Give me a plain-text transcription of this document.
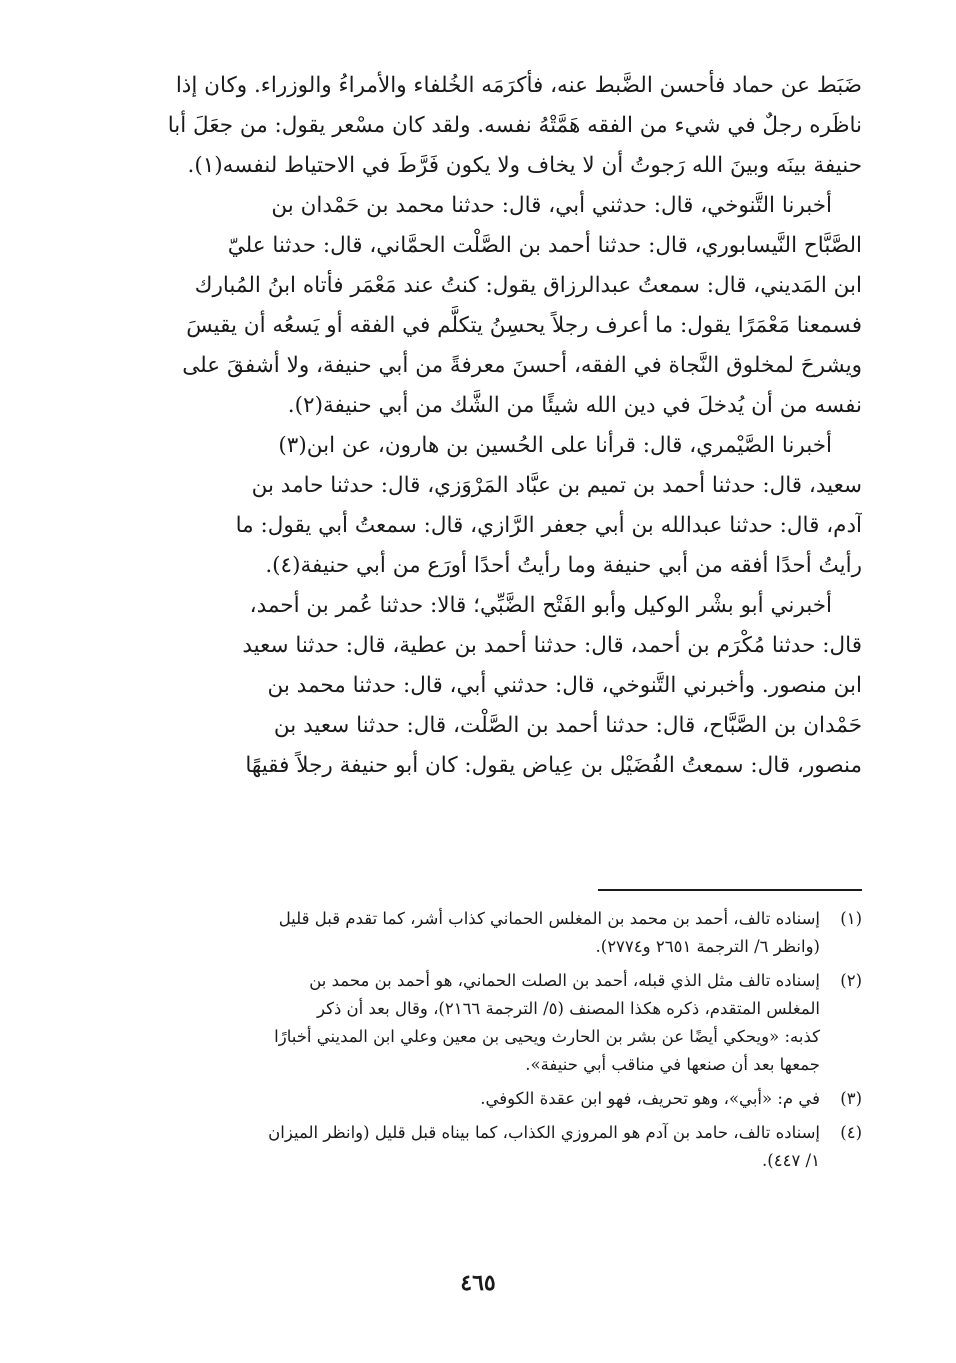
ضَبَط عن حماد فأحسن الضَّبط عنه، فأكرَمَه الخُلفاء والأمراءُ والوزراء. وكان إذا
ناظَره رجلٌ في شيء من الفقه هَمَّتْهُ نفسه. ولقد كان مسْعر يقول: من جعَلَ أبا
حنيفة بينَه وبينَ الله رَجوتُ أن لا يخاف ولا يكون فَرَّطَ في الاحتياط لنفسه(١).
أخبرنا التَّنوخي، قال: حدثني أبي، قال: حدثنا محمد بن حَمْدان بن
الصَّبَّاح النَّيسابوري، قال: حدثنا أحمد بن الصَّلْت الحمَّاني، قال: حدثنا عليّ
ابن المَديني، قال: سمعتُ عبدالرزاق يقول: كنتُ عند مَعْمَر فأتاه ابنُ المُبارك
فسمعنا مَعْمَرًا يقول: ما أعرف رجلاً يحسِنُ يتكلَّم في الفقه أو يَسعُه أن يقيسَ
ويشرحَ لمخلوق النَّجاة في الفقه، أحسنَ معرفةً من أبي حنيفة، ولا أشفقَ على
نفسه من أن يُدخلَ في دين الله شيئًا من الشَّك من أبي حنيفة(٢).
أخبرنا الصَّيْمري، قال: قرأنا على الحُسين بن هارون، عن ابن(٣)
سعيد، قال: حدثنا أحمد بن تميم بن عبَّاد المَرْوَزي، قال: حدثنا حامد بن
آدم، قال: حدثنا عبدالله بن أبي جعفر الرَّازي، قال: سمعتُ أبي يقول: ما
رأيتُ أحدًا أفقه من أبي حنيفة وما رأيتُ أحدًا أورَع من أبي حنيفة(٤).
أخبرني أبو بشْر الوكيل وأبو الفَتْح الضَّبِّي؛ قالا: حدثنا عُمر بن أحمد،
قال: حدثنا مُكْرَم بن أحمد، قال: حدثنا أحمد بن عطية، قال: حدثنا سعيد
ابن منصور. وأخبرني التَّنوخي، قال: حدثني أبي، قال: حدثنا محمد بن
حَمْدان بن الصَّبَّاح، قال: حدثنا أحمد بن الصَّلْت، قال: حدثنا سعيد بن
منصور، قال: سمعتُ الفُضَيْل بن عِياض يقول: كان أبو حنيفة رجلاً فقيهًا
(١)
إسناده تالف، أحمد بن محمد بن المغلس الحماني كذاب أشر، كما تقدم قبل قليل
(وانظر ٦/ الترجمة ٢٦٥١ و٢٧٧٤).
(٢)
إسناده تالف مثل الذي قبله، أحمد بن الصلت الحماني، هو أحمد بن محمد بن
المغلس المتقدم، ذكره هكذا المصنف (٥/ الترجمة ٢١٦٦)، وقال بعد أن ذكر
كذبه: «ويحكي أيضًا عن بشر بن الحارث ويحيى بن معين وعلي ابن المديني أخبارًا
جمعها بعد أن صنعها في مناقب أبي حنيفة».
(٣)
في م: «أبي»، وهو تحريف، فهو ابن عقدة الكوفي.
(٤)
إسناده تالف، حامد بن آدم هو المروزي الكذاب، كما بيناه قبل قليل (وانظر الميزان
١/ ٤٤٧).
٤٦٥
